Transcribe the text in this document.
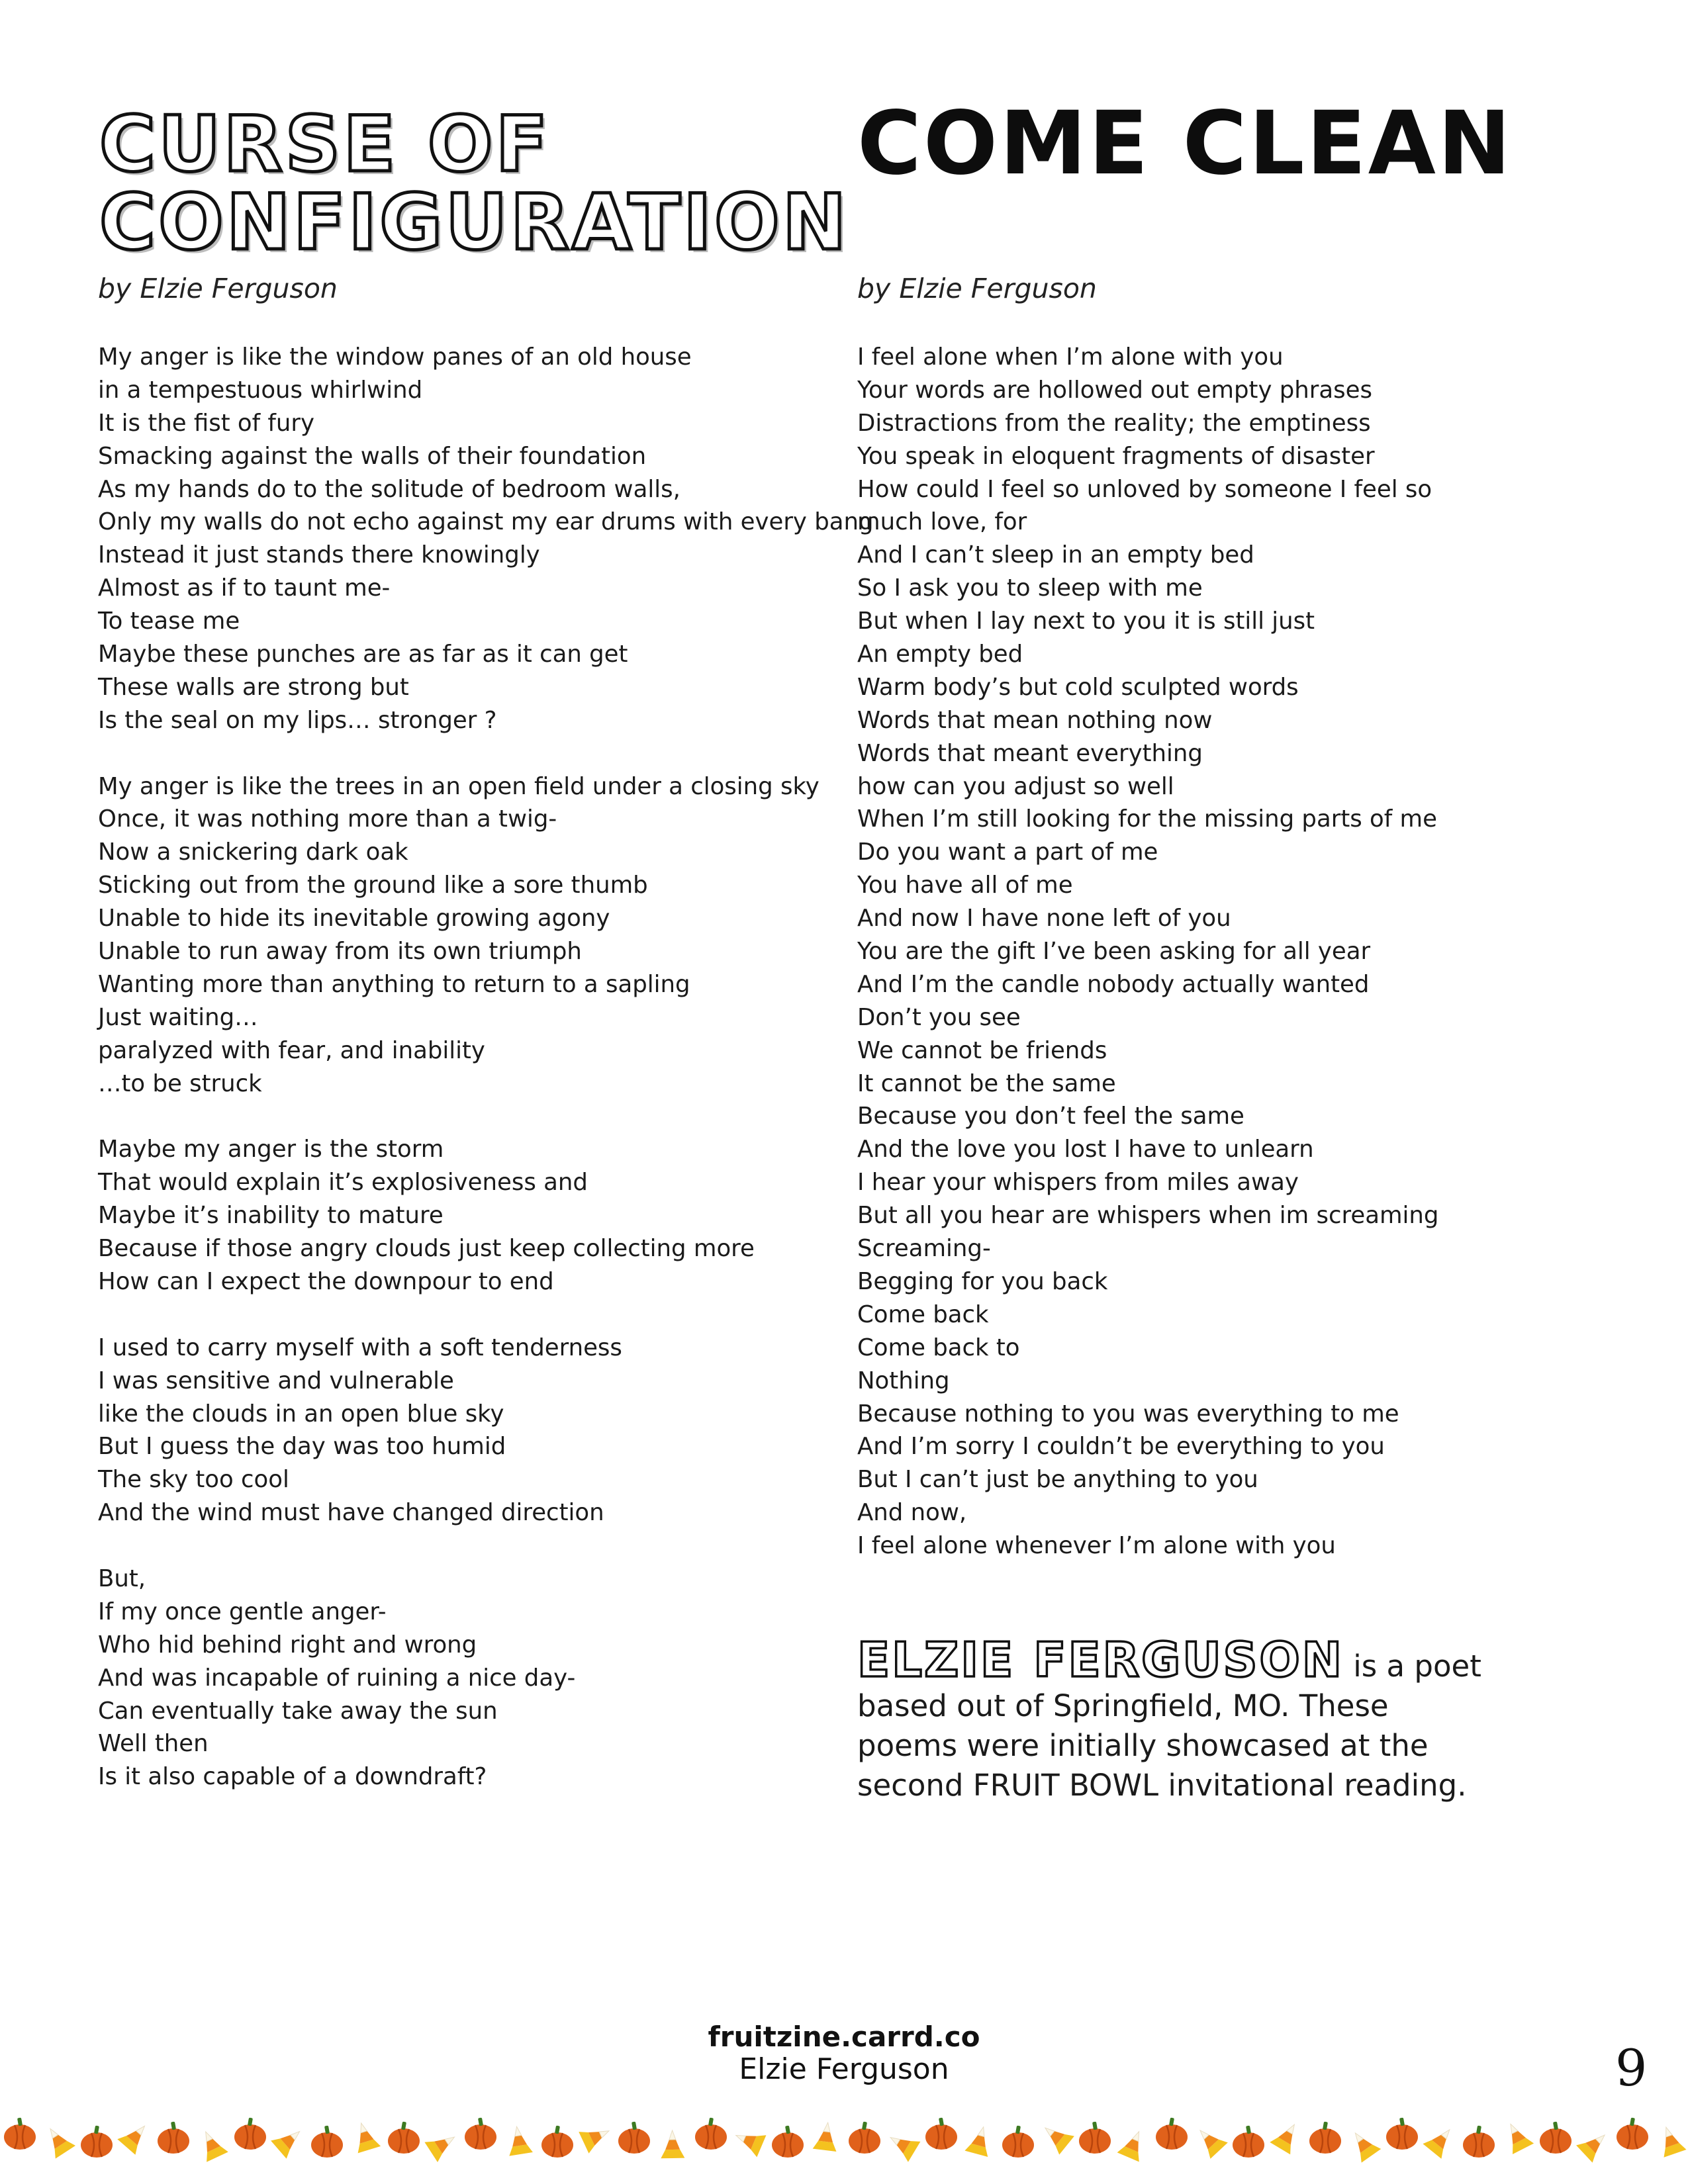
CURSE OF
CONFIGURATION
COME CLEAN
by Elzie Ferguson	by Elzie Ferguson
My anger is like the window panes of an old house
in a tempestuous whirlwind
It is the fist of fury
Smacking against the walls of their foundation
As my hands do to the solitude of bedroom walls,
Only my walls do not echo against my ear drums with every bang
Instead it just stands there knowingly
Almost as if to taunt me-
To tease me
Maybe these punches are as far as it can get
These walls are strong but
Is the seal on my lips… stronger ?
My anger is like the trees in an open field under a closing sky
Once, it was nothing more than a twig-
Now a snickering dark oak
Sticking out from the ground like a sore thumb
Unable to hide its inevitable growing agony
Unable to run away from its own triumph
Wanting more than anything to return to a sapling
Just waiting…
paralyzed with fear, and inability
…to be struck
Maybe my anger is the storm
That would explain it’s explosiveness and
Maybe it’s inability to mature
Because if those angry clouds just keep collecting more
How can I expect the downpour to end
I used to carry myself with a soft tenderness
I was sensitive and vulnerable
like the clouds in an open blue sky
But I guess the day was too humid
The sky too cool
And the wind must have changed direction
But,
If my once gentle anger-
Who hid behind right and wrong
And was incapable of ruining a nice day-
Can eventually take away the sun
Well then
Is it also capable of a downdraft?
I feel alone when I’m alone with you
Your words are hollowed out empty phrases
Distractions from the reality; the emptiness
You speak in eloquent fragments of disaster
How could I feel so unloved by someone I feel so
much love, for
And I can’t sleep in an empty bed
So I ask you to sleep with me
But when I lay next to you it is still just
An empty bed
Warm body’s but cold sculpted words
Words that mean nothing now
Words that meant everything
how can you adjust so well
When I’m still looking for the missing parts of me
Do you want a part of me
You have all of me
And now I have none left of you
You are the gift I’ve been asking for all year
And I’m the candle nobody actually wanted
Don’t you see
We cannot be friends
It cannot be the same
Because you don’t feel the same
And the love you lost I have to unlearn
I hear your whispers from miles away
But all you hear are whispers when im screaming
Screaming-
Begging for you back
Come back
Come back to
Nothing
Because nothing to you was everything to me
And I’m sorry I couldn’t be everything to you
But I can’t just be anything to you
And now,
I feel alone whenever I’m alone with you
ELZIE FERGUSON is a poet based out of Springfield, MO. These poems were initially showcased at the second FRUIT BOWL invitational reading.
fruitzine.carrd.co
Elzie Ferguson	9
